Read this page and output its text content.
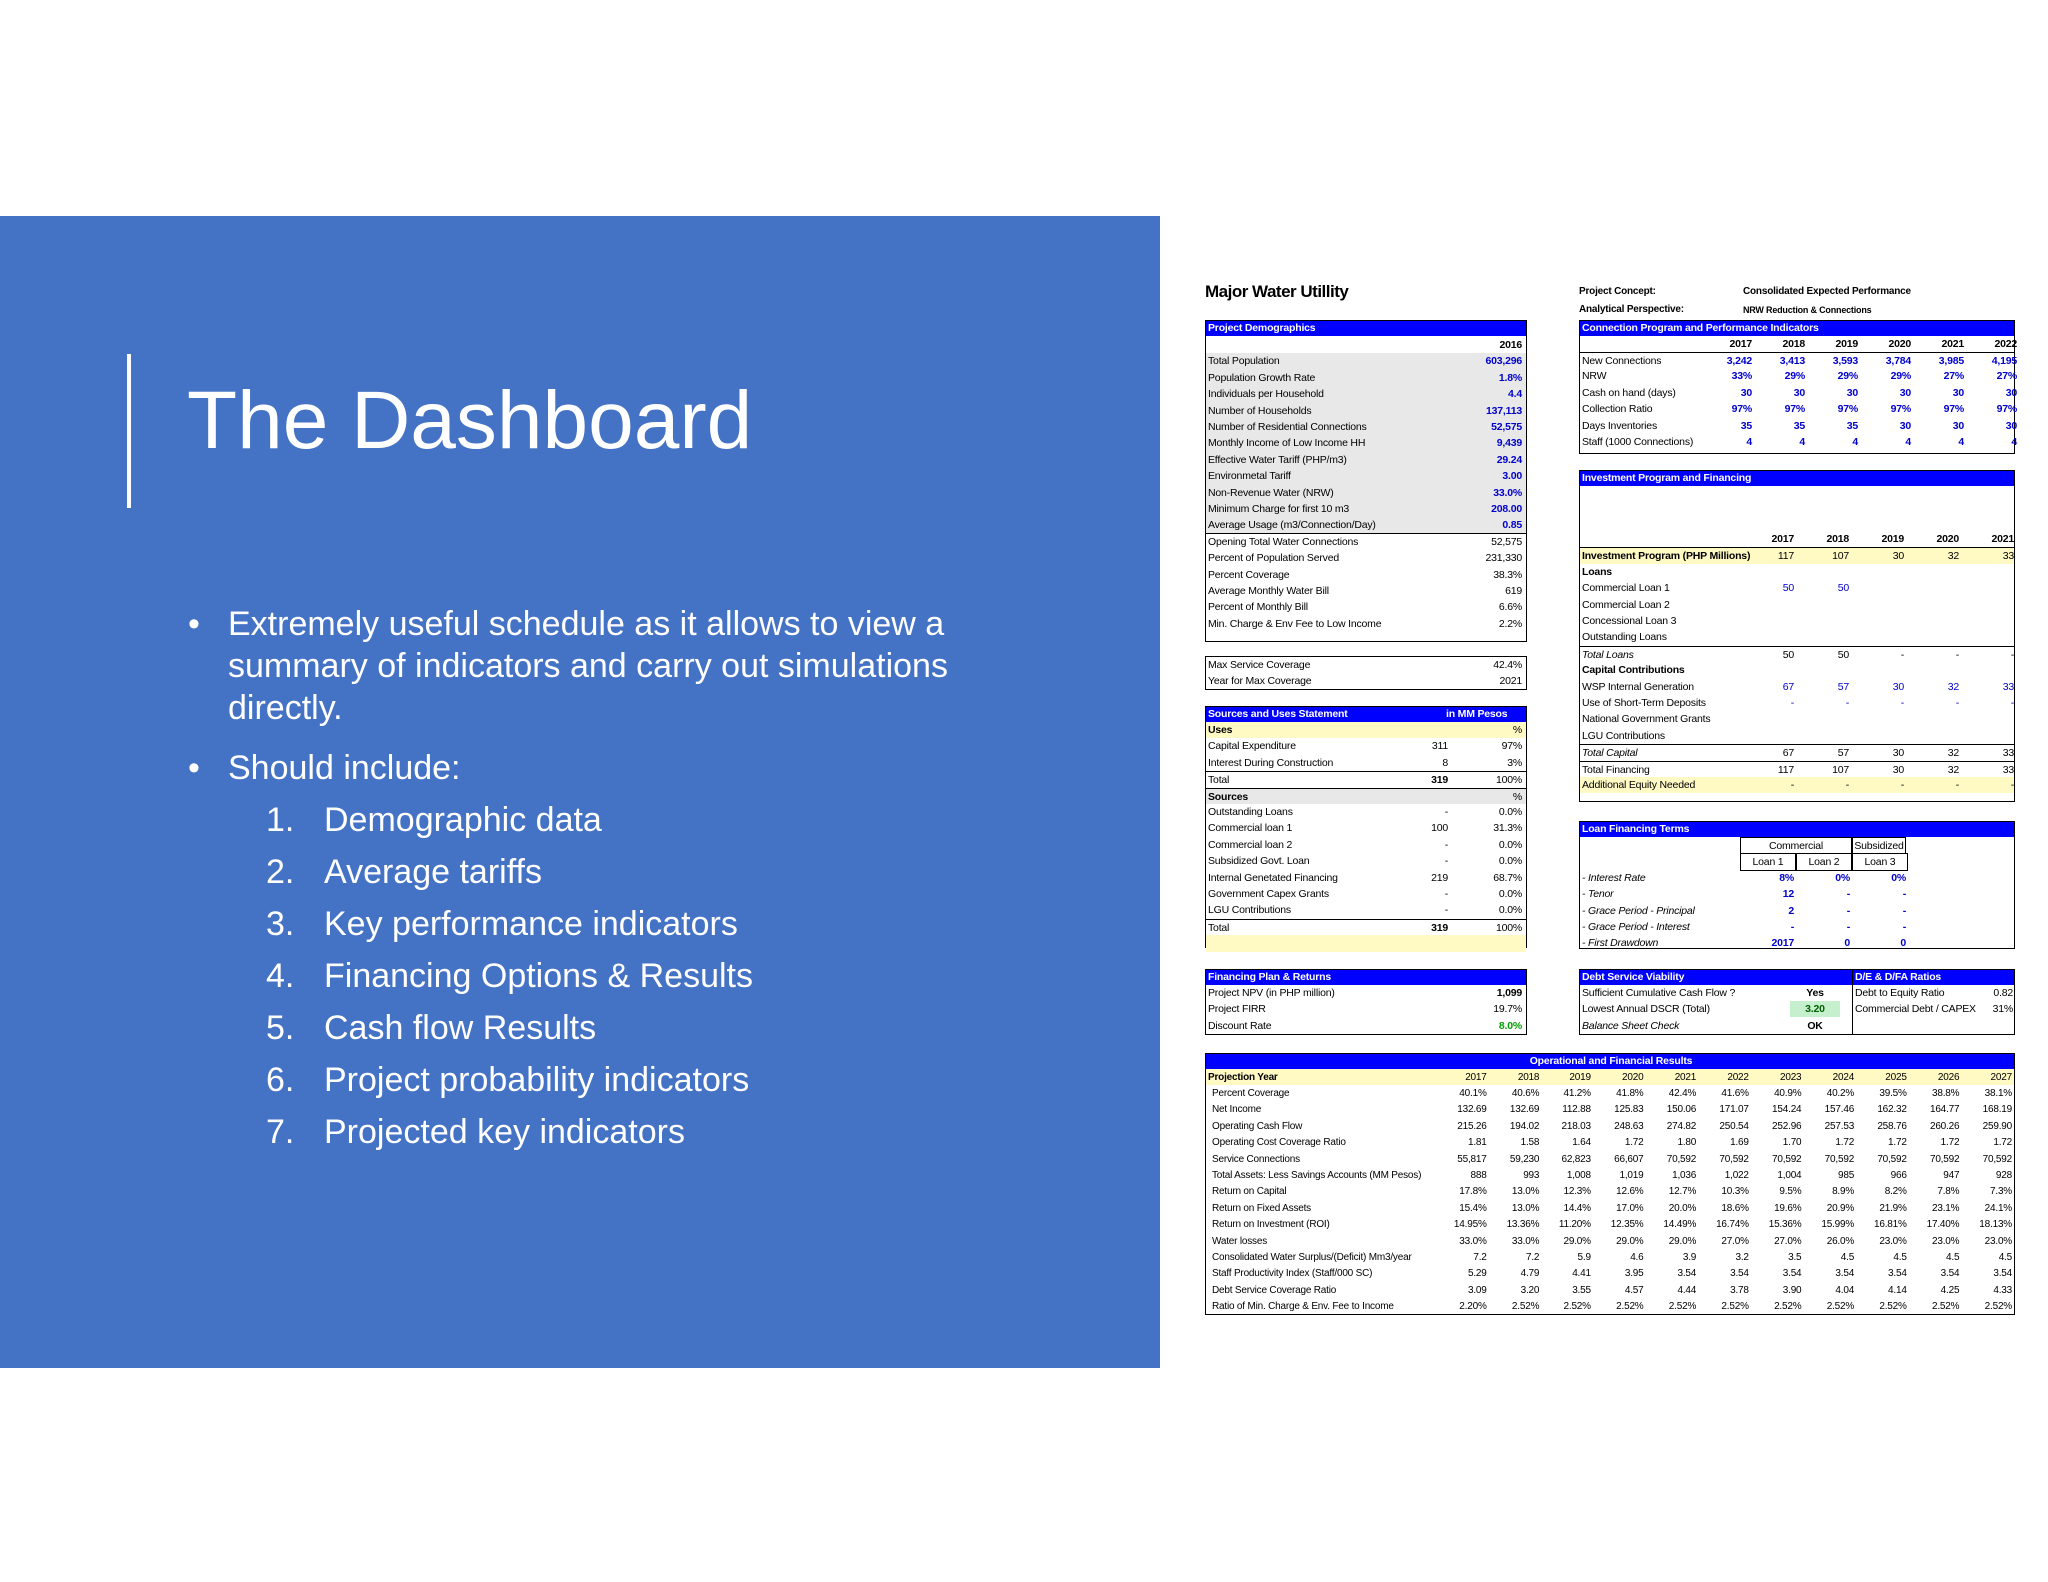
The Dashboard
• Extremely useful schedule as it allows to view a summary of indicators and carry out simulations directly.
• Should include:
1. Demographic data
2. Average tariffs
3. Key performance indicators
4. Financing Options & Results
5. Cash flow Results
6. Project probability indicators
7. Projected key indicators
Major Water Utillity	Project Concept:	Consolidated Expected Performance
Analytical Perspective:	NRW Reduction & Connections
Project Demographics
2016
Total Population	603,296
Population Growth Rate	1.8%
Individuals per Household	4.4
Number of Households	137,113
Number of Residential Connections	52,575
Monthly Income of Low Income HH	9,439
Effective Water Tariff (PHP/m3)	29.24
Environmetal Tariff	3.00
Non-Revenue Water (NRW)	33.0%
Minimum Charge for first 10 m3	208.00
Average Usage (m3/Connection/Day)	0.85
Opening Total Water Connections	52,575
Percent of Population Served	231,330
Percent Coverage	38.3%
Average Monthly Water Bill	619
Percent of Monthly Bill	6.6%
Min. Charge & Env Fee to Low Income	2.2%
Max Service Coverage	42.4%
Year for Max Coverage	2021
Connection Program and Performance Indicators
2017	2018	2019	2020	2021	2022
New Connections	3,242	3,413	3,593	3,784	3,985	4,195
NRW	33%	29%	29%	29%	27%	27%
Cash on hand (days)	30	30	30	30	30	30
Collection Ratio	97%	97%	97%	97%	97%	97%
Days Inventories	35	35	35	30	30	30
Staff (1000 Connections)	4	4	4	4	4	4
Investment Program and Financing
2017	2018	2019	2020	2021
Investment Program (PHP Millions)	117	107	30	32	33
Loans
Commercial Loan 1	50	50
Commercial Loan 2
Concessional Loan 3
Outstanding Loans
Total Loans	50	50	-	-	-
Capital Contributions
WSP Internal Generation	67	57	30	32	33
Use of Short-Term Deposits	-	-	-	-	-
National Government Grants
LGU Contributions
Total Capital	67	57	30	32	33
Total Financing	117	107	30	32	33
Additional Equity Needed	-	-	-	-	-
Sources and Uses Statement	in MM Pesos
Uses	%
Capital Expenditure	311	97%
Interest During Construction	8	3%
Total	319	100%
Sources	%
Outstanding Loans	-	0.0%
Commercial loan 1	100	31.3%
Commercial loan 2	-	0.0%
Subsidized Govt. Loan	-	0.0%
Internal Genetated Financing	219	68.7%
Government Capex Grants	-	0.0%
LGU Contributions	-	0.0%
Total	319	100%
Loan Financing Terms
Commercial	Subsidized
Loan 1	Loan 2	Loan 3
- Interest Rate	8%	0%	0%
- Tenor	12	-	-
- Grace Period - Principal	2	-	-
- Grace Period - Interest	-	-	-
- First Drawdown	2017	0	0
Financing Plan & Returns
Project NPV (in PHP million)	1,099
Project FIRR	19.7%
Discount Rate	8.0%
Debt Service Viability
Sufficient Cumulative Cash Flow ?	Yes
Lowest Annual DSCR (Total)	3.20
Balance Sheet Check	OK
D/E & D/FA Ratios
Debt to Equity Ratio	0.82
Commercial Debt / CAPEX	31%
Operational and Financial Results
Projection Year	2017	2018	2019	2020	2021	2022	2023	2024	2025	2026	2027
Percent Coverage	40.1%	40.6%	41.2%	41.8%	42.4%	41.6%	40.9%	40.2%	39.5%	38.8%	38.1%
Net Income	132.69	132.69	112.88	125.83	150.06	171.07	154.24	157.46	162.32	164.77	168.19
Operating Cash Flow	215.26	194.02	218.03	248.63	274.82	250.54	252.96	257.53	258.76	260.26	259.90
Operating Cost Coverage Ratio	1.81	1.58	1.64	1.72	1.80	1.69	1.70	1.72	1.72	1.72	1.72
Service Connections	55,817	59,230	62,823	66,607	70,592	70,592	70,592	70,592	70,592	70,592	70,592
Total Assets: Less Savings Accounts (MM Pesos)	888	993	1,008	1,019	1,036	1,022	1,004	985	966	947	928
Return on Capital	17.8%	13.0%	12.3%	12.6%	12.7%	10.3%	9.5%	8.9%	8.2%	7.8%	7.3%
Return on Fixed Assets	15.4%	13.0%	14.4%	17.0%	20.0%	18.6%	19.6%	20.9%	21.9%	23.1%	24.1%
Return on Investment (ROI)	14.95%	13.36%	11.20%	12.35%	14.49%	16.74%	15.36%	15.99%	16.81%	17.40%	18.13%
Water losses	33.0%	33.0%	29.0%	29.0%	29.0%	27.0%	27.0%	26.0%	23.0%	23.0%	23.0%
Consolidated Water Surplus/(Deficit) Mm3/year	7.2	7.2	5.9	4.6	3.9	3.2	3.5	4.5	4.5	4.5	4.5
Staff Productivity Index (Staff/000 SC)	5.29	4.79	4.41	3.95	3.54	3.54	3.54	3.54	3.54	3.54	3.54
Debt Service Coverage Ratio	3.09	3.20	3.55	4.57	4.44	3.78	3.90	4.04	4.14	4.25	4.33
Ratio of Min. Charge & Env. Fee to Income	2.20%	2.52%	2.52%	2.52%	2.52%	2.52%	2.52%	2.52%	2.52%	2.52%	2.52%
